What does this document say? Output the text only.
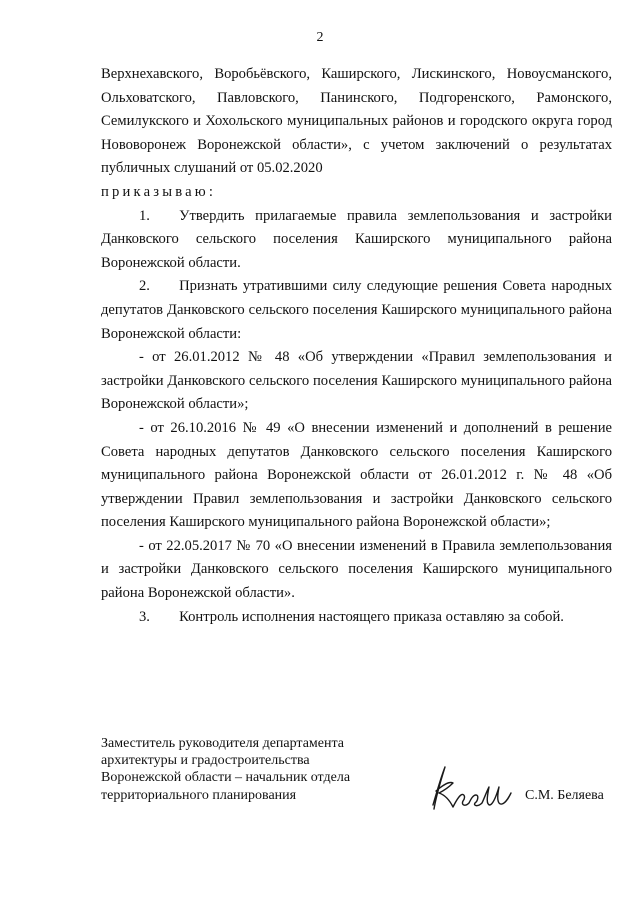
2

Верхнехавского, Воробьёвского, Каширского, Лискинского, Новоусманского, Ольховатского, Павловского, Панинского, Подгоренского, Рамонского, Семилукского и Хохольского муниципальных районов и городского округа город Нововоронеж Воронежской области», с учетом заключений о результатах публичных слушаний от 05.02.2020

приказываю:

1.  Утвердить прилагаемые правила землепользования и застройки Данковского сельского поселения Каширского муниципального района Воронежской области.

2.  Признать утратившими силу следующие решения Совета народных депутатов Данковского сельского поселения Каширского муниципального района Воронежской области:

- от 26.01.2012 № 48 «Об утверждении «Правил землепользования и застройки Данковского сельского поселения Каширского муниципального района Воронежской области»;

- от 26.10.2016 № 49 «О внесении изменений и дополнений в решение Совета народных депутатов Данковского сельского поселения Каширского муниципального района Воронежской области от 26.01.2012 г. № 48 «Об утверждении Правил землепользования и застройки Данковского сельского поселения Каширского муниципального района Воронежской области»;

- от 22.05.2017 № 70 «О внесении изменений в Правила землепользования и застройки Данковского сельского поселения Каширского муниципального района Воронежской области».

3.  Контроль исполнения настоящего приказа оставляю за собой.

Заместитель руководителя департамента
архитектуры и градостроительства
Воронежской области – начальник отдела
территориального планирования	С.М. Беляева
